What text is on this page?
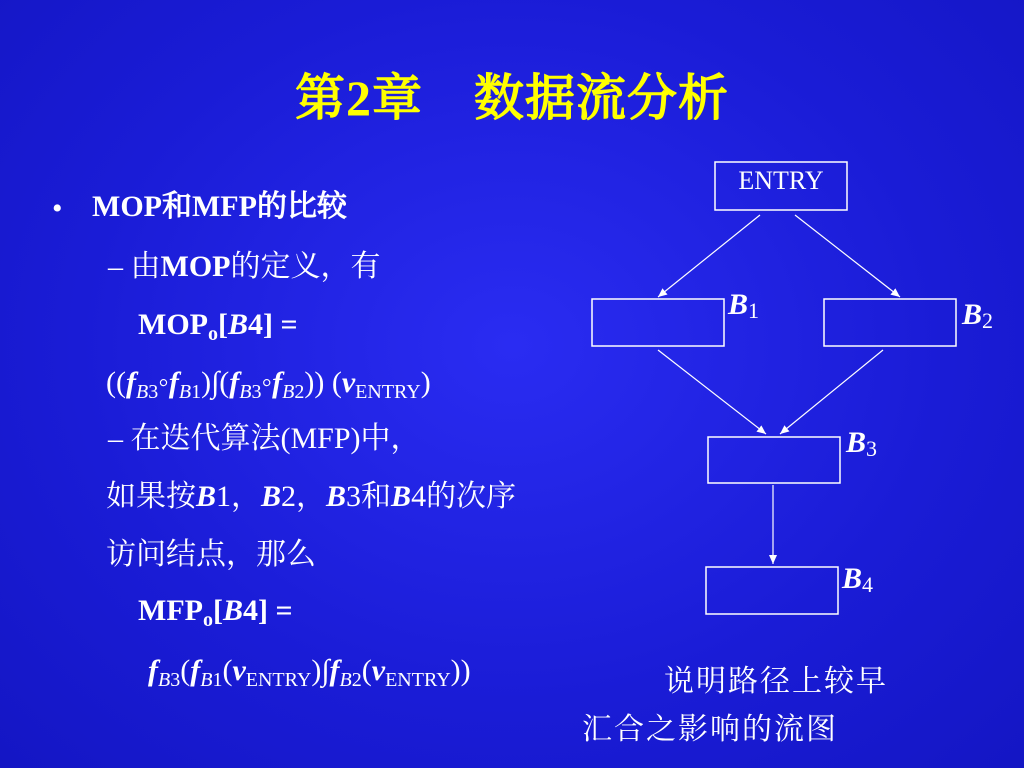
第2章　数据流分析
• MOP和MFP的比较
– 由MOP的定义，有
$MOP_o[B4]$ =
$((f_{B3}◦f_{B1})\int(f_{B3}◦f_{B2}))$ $(v_{ENTRY})$
– 在迭代算法(MFP)中，
如果按B1，B2，B3和B4的次序
访问结点，那么
$MFP_o[B4]$ =
$f_{B3}(f_{B1}(v_{ENTRY})\int f_{B2}(v_{ENTRY}))$	说明路径上较早
汇合之影响的流图
ENTRY
$B_1$	$B_2$
$B_3$
$B_4$
